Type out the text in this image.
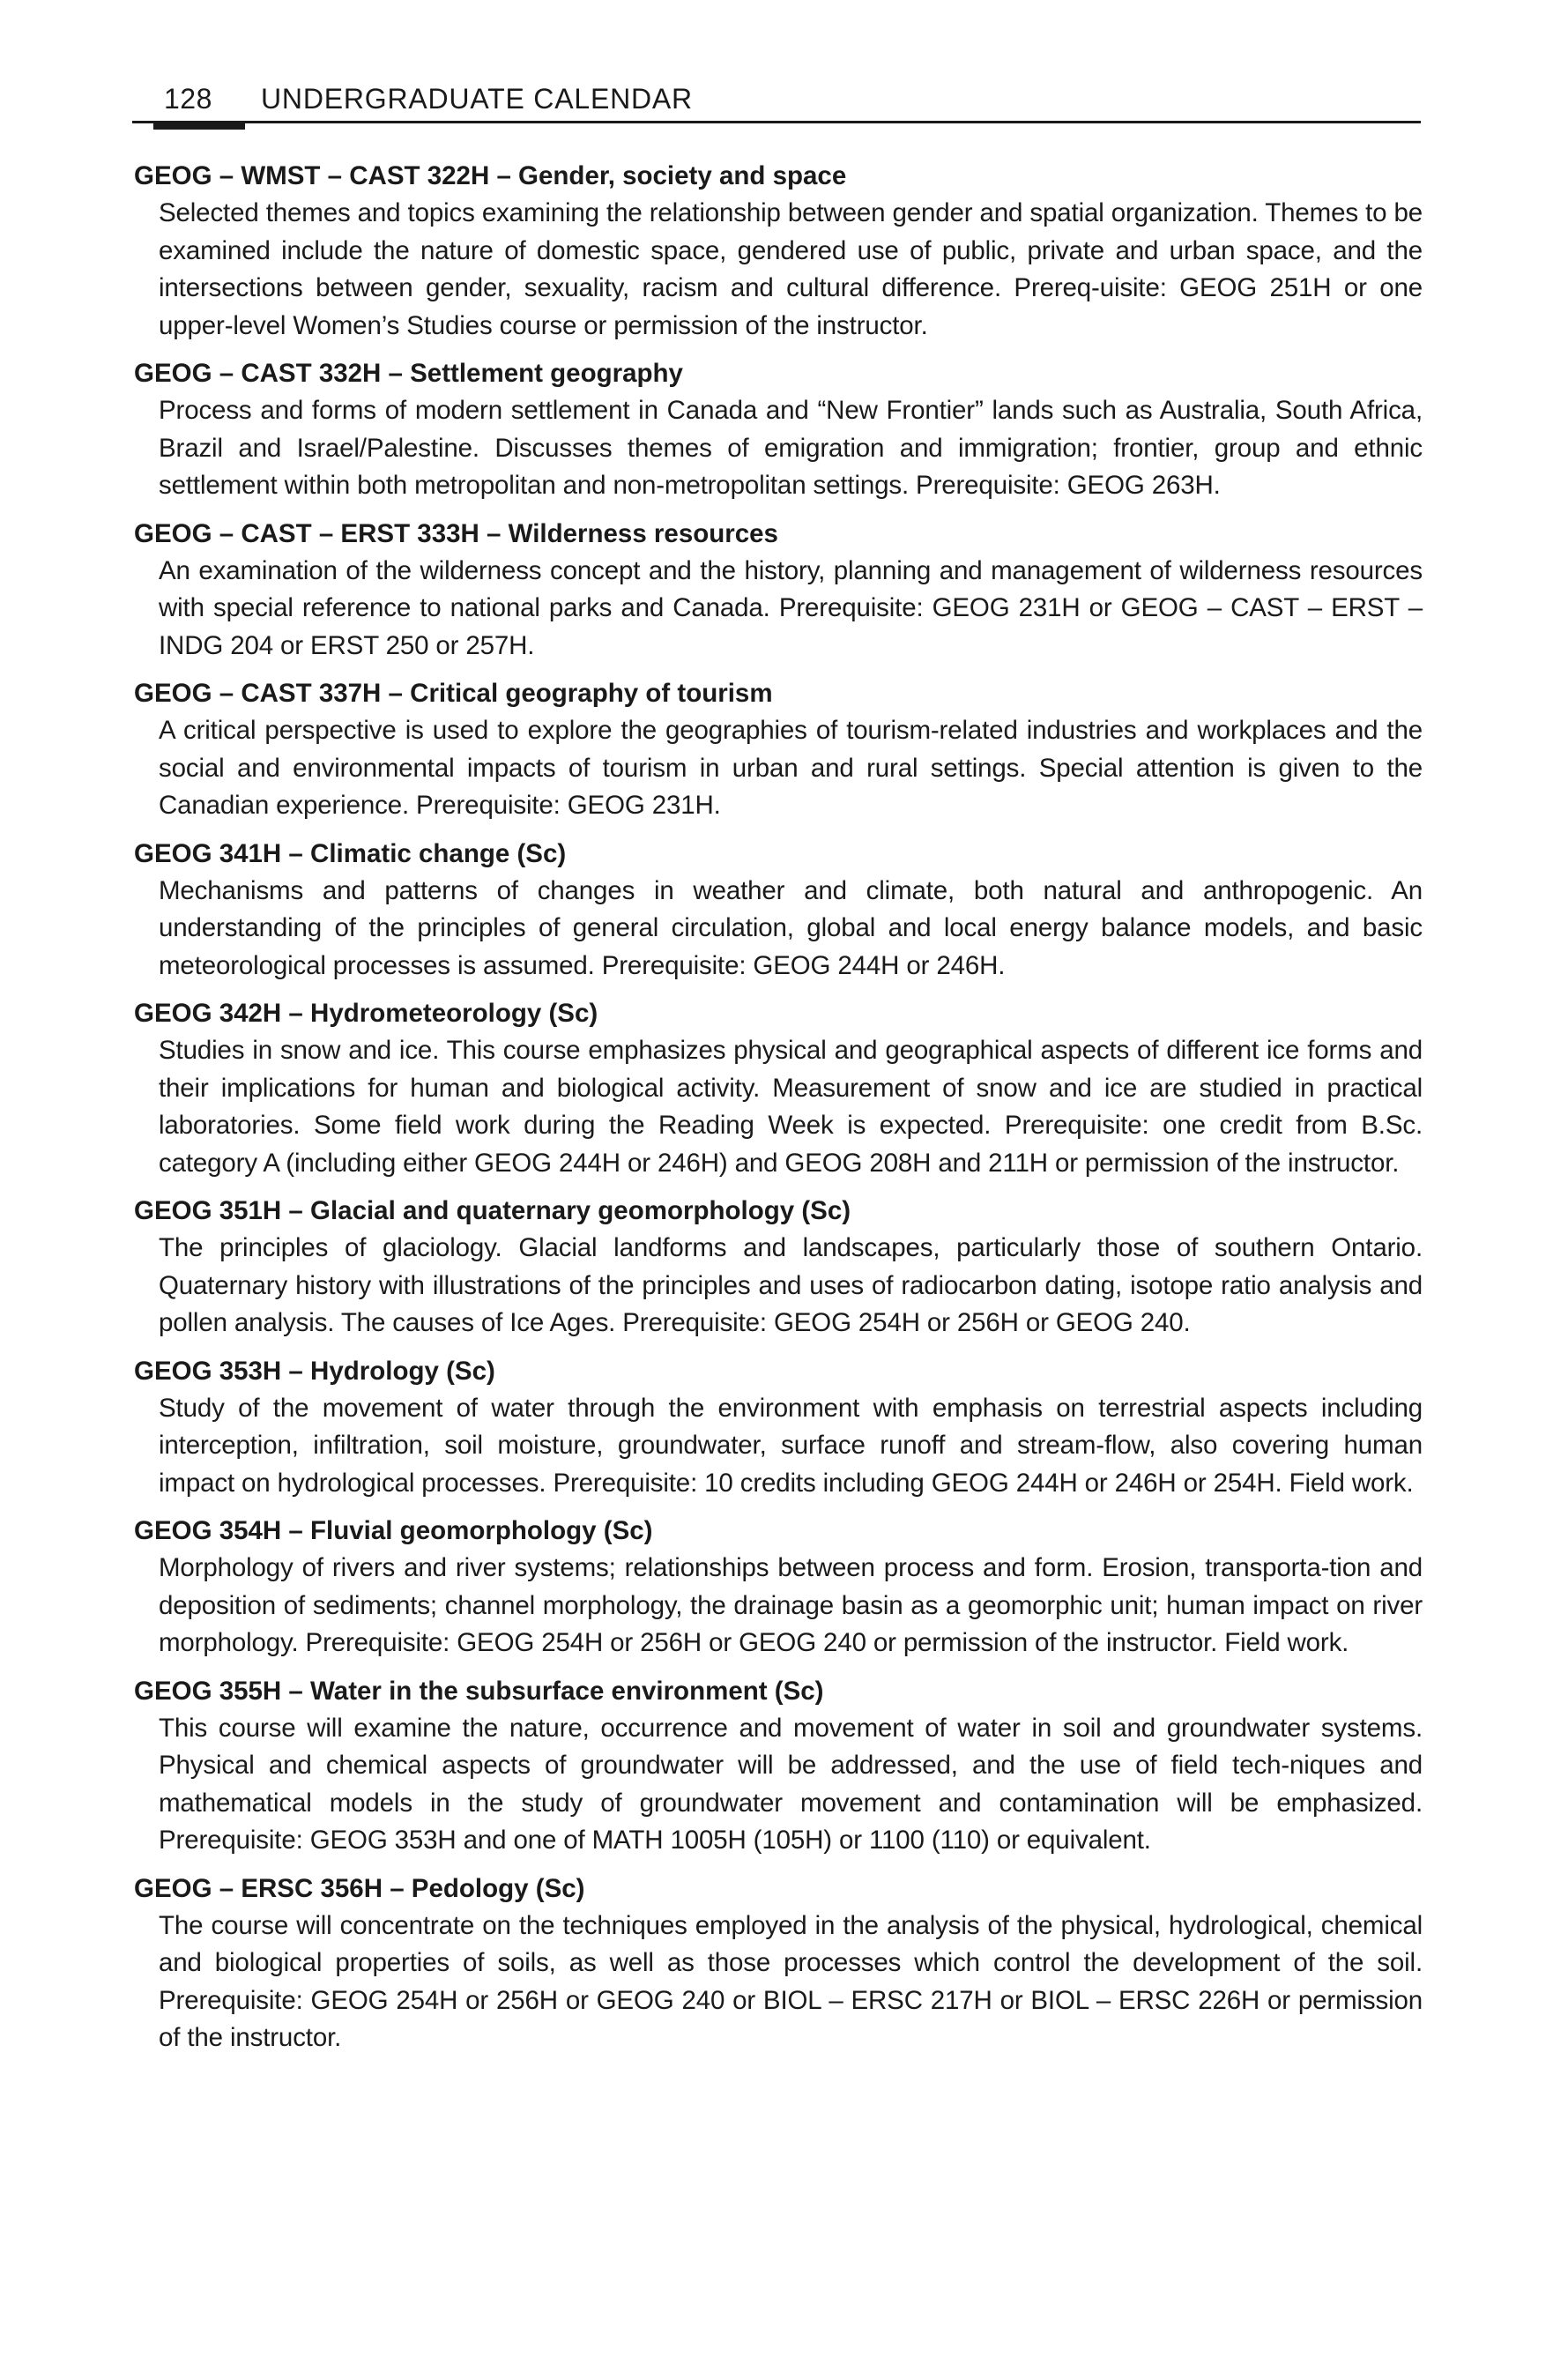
128 UNDERGRADUATE CALENDAR
GEOG – WMST – CAST 322H – Gender, society and space
Selected themes and topics examining the relationship between gender and spatial organization. Themes to be examined include the nature of domestic space, gendered use of public, private and urban space, and the intersections between gender, sexuality, racism and cultural difference. Prereq-uisite: GEOG 251H or one upper-level Women’s Studies course or permission of the instructor.
GEOG – CAST 332H – Settlement geography
Process and forms of modern settlement in Canada and “New Frontier” lands such as Australia, South Africa, Brazil and Israel/Palestine. Discusses themes of emigration and immigration; frontier, group and ethnic settlement within both metropolitan and non-metropolitan settings. Prerequisite: GEOG 263H.
GEOG – CAST – ERST 333H – Wilderness resources
An examination of the wilderness concept and the history, planning and management of wilderness resources with special reference to national parks and Canada. Prerequisite: GEOG 231H or GEOG – CAST – ERST – INDG 204 or ERST 250 or 257H.
GEOG – CAST 337H – Critical geography of tourism
A critical perspective is used to explore the geographies of tourism-related industries and workplaces and the social and environmental impacts of tourism in urban and rural settings. Special attention is given to the Canadian experience. Prerequisite: GEOG 231H.
GEOG 341H – Climatic change (Sc)
Mechanisms and patterns of changes in weather and climate, both natural and anthropogenic. An understanding of the principles of general circulation, global and local energy balance models, and basic meteorological processes is assumed. Prerequisite: GEOG 244H or 246H.
GEOG 342H – Hydrometeorology (Sc)
Studies in snow and ice. This course emphasizes physical and geographical aspects of different ice forms and their implications for human and biological activity. Measurement of snow and ice are studied in practical laboratories. Some field work during the Reading Week is expected. Prerequisite: one credit from B.Sc. category A (including either GEOG 244H or 246H) and GEOG 208H and 211H or permission of the instructor.
GEOG 351H – Glacial and quaternary geomorphology (Sc)
The principles of glaciology. Glacial landforms and landscapes, particularly those of southern Ontario. Quaternary history with illustrations of the principles and uses of radiocarbon dating, isotope ratio analysis and pollen analysis. The causes of Ice Ages. Prerequisite: GEOG 254H or 256H or GEOG 240.
GEOG 353H – Hydrology (Sc)
Study of the movement of water through the environment with emphasis on terrestrial aspects including interception, infiltration, soil moisture, groundwater, surface runoff and stream-flow, also covering human impact on hydrological processes. Prerequisite: 10 credits including GEOG 244H or 246H or 254H. Field work.
GEOG 354H – Fluvial geomorphology (Sc)
Morphology of rivers and river systems; relationships between process and form. Erosion, transporta-tion and deposition of sediments; channel morphology, the drainage basin as a geomorphic unit; human impact on river morphology. Prerequisite: GEOG 254H or 256H or GEOG 240 or permission of the instructor. Field work.
GEOG 355H – Water in the subsurface environment (Sc)
This course will examine the nature, occurrence and movement of water in soil and groundwater systems. Physical and chemical aspects of groundwater will be addressed, and the use of field tech-niques and mathematical models in the study of groundwater movement and contamination will be emphasized. Prerequisite: GEOG 353H and one of MATH 1005H (105H) or 1100 (110) or equivalent.
GEOG – ERSC 356H – Pedology (Sc)
The course will concentrate on the techniques employed in the analysis of the physical, hydrological, chemical and biological properties of soils, as well as those processes which control the development of the soil. Prerequisite: GEOG 254H or 256H or GEOG 240 or BIOL – ERSC 217H or BIOL – ERSC 226H or permission of the instructor.
